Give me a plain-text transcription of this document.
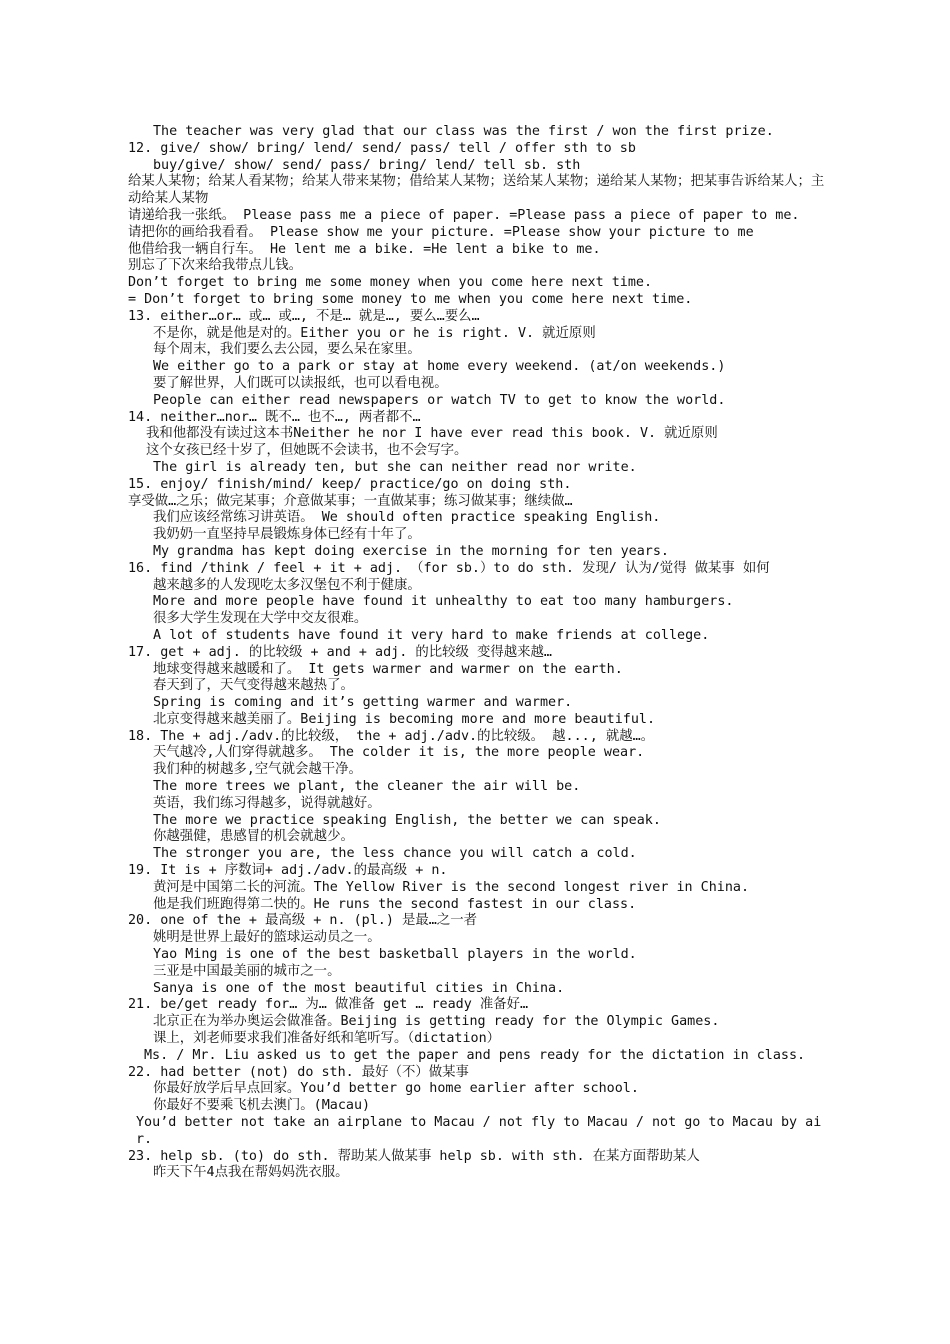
The teacher was very glad that our class was the first / won the first prize.

12. give/ show/ bring/ lend/ send/ pass/ tell / offer sth to sb

buy/give/ show/ send/ pass/ bring/ lend/ tell sb. sth

给某人某物；给某人看某物；给某人带来某物；借给某人某物；送给某人某物；递给某人某物；把某事告诉给某人；主动给某人某物

请递给我一张纸。 Please pass me a piece of paper. =Please pass a piece of paper to me.

请把你的画给我看看。 Please show me your picture. =Please show your picture to me

他借给我一辆自行车。 He lent me a bike. =He lent a bike to me.

别忘了下次来给我带点儿钱。

Don’t forget to bring me some money when you come here next time.

= Don’t forget to bring some money to me when you come here next time.

13. either…or… 或… 或…, 不是… 就是…, 要么…要么…

不是你，就是他是对的。Either you or he is right. V. 就近原则

每个周末，我们要么去公园，要么呆在家里。

We either go to a park or stay at home every weekend. (at/on weekends.)

要了解世界，人们既可以读报纸，也可以看电视。

People can either read newspapers or watch TV to get to know the world.

14. neither…nor… 既不… 也不…, 两者都不…

我和他都没有读过这本书Neither he nor I have ever read this book. V. 就近原则

这个女孩已经十岁了，但她既不会读书，也不会写字。

The girl is already ten, but she can neither read nor write.

15. enjoy/ finish/mind/ keep/ practice/go on doing sth.

享受做…之乐；做完某事；介意做某事；一直做某事；练习做某事；继续做…

我们应该经常练习讲英语。 We should often practice speaking English.

我奶奶一直坚持早晨锻炼身体已经有十年了。

My grandma has kept doing exercise in the morning for ten years.

16. find /think / feel + it + adj. （for sb.）to do sth. 发现/ 认为/觉得 做某事 如何

越来越多的人发现吃太多汉堡包不利于健康。

More and more people have found it unhealthy to eat too many hamburgers.

很多大学生发现在大学中交友很难。

A lot of students have found it very hard to make friends at college.

17. get + adj. 的比较级 + and + adj. 的比较级 变得越来越…

地球变得越来越暖和了。 It gets warmer and warmer on the earth.

春天到了，天气变得越来越热了。

Spring is coming and it’s getting warmer and warmer.

北京变得越来越美丽了。Beijing is becoming more and more beautiful.

18. The + adj./adv.的比较级， the + adj./adv.的比较级。 越..., 就越…。

天气越冷,人们穿得就越多。 The colder it is, the more people wear.

我们种的树越多,空气就会越干净。

The more trees we plant, the cleaner the air will be.

英语，我们练习得越多，说得就越好。

The more we practice speaking English, the better we can speak.

你越强健，患感冒的机会就越少。

The stronger you are, the less chance you will catch a cold.

19. It is + 序数词+ adj./adv.的最高级 + n.

黄河是中国第二长的河流。The Yellow River is the second longest river in China.

他是我们班跑得第二快的。He runs the second fastest in our class.

20. one of the + 最高级 + n. (pl.) 是最…之一者

姚明是世界上最好的篮球运动员之一。

Yao Ming is one of the best basketball players in the world.

三亚是中国最美丽的城市之一。

Sanya is one of the most beautiful cities in China.

21. be/get ready for… 为… 做准备 get … ready 准备好…

北京正在为举办奥运会做准备。Beijing is getting ready for the Olympic Games.

课上，刘老师要求我们准备好纸和笔听写。（dictation）

Ms. / Mr. Liu asked us to get the paper and pens ready for the dictation in class.

22. had better (not) do sth. 最好（不）做某事

你最好放学后早点回家。You’d better go home earlier after school.

你最好不要乘飞机去澳门。(Macau)

You’d better not take an airplane to Macau / not fly to Macau / not go to Macau by air.

23. help sb. (to) do sth. 帮助某人做某事 help sb. with sth. 在某方面帮助某人

昨天下午4点我在帮妈妈洗衣服。
